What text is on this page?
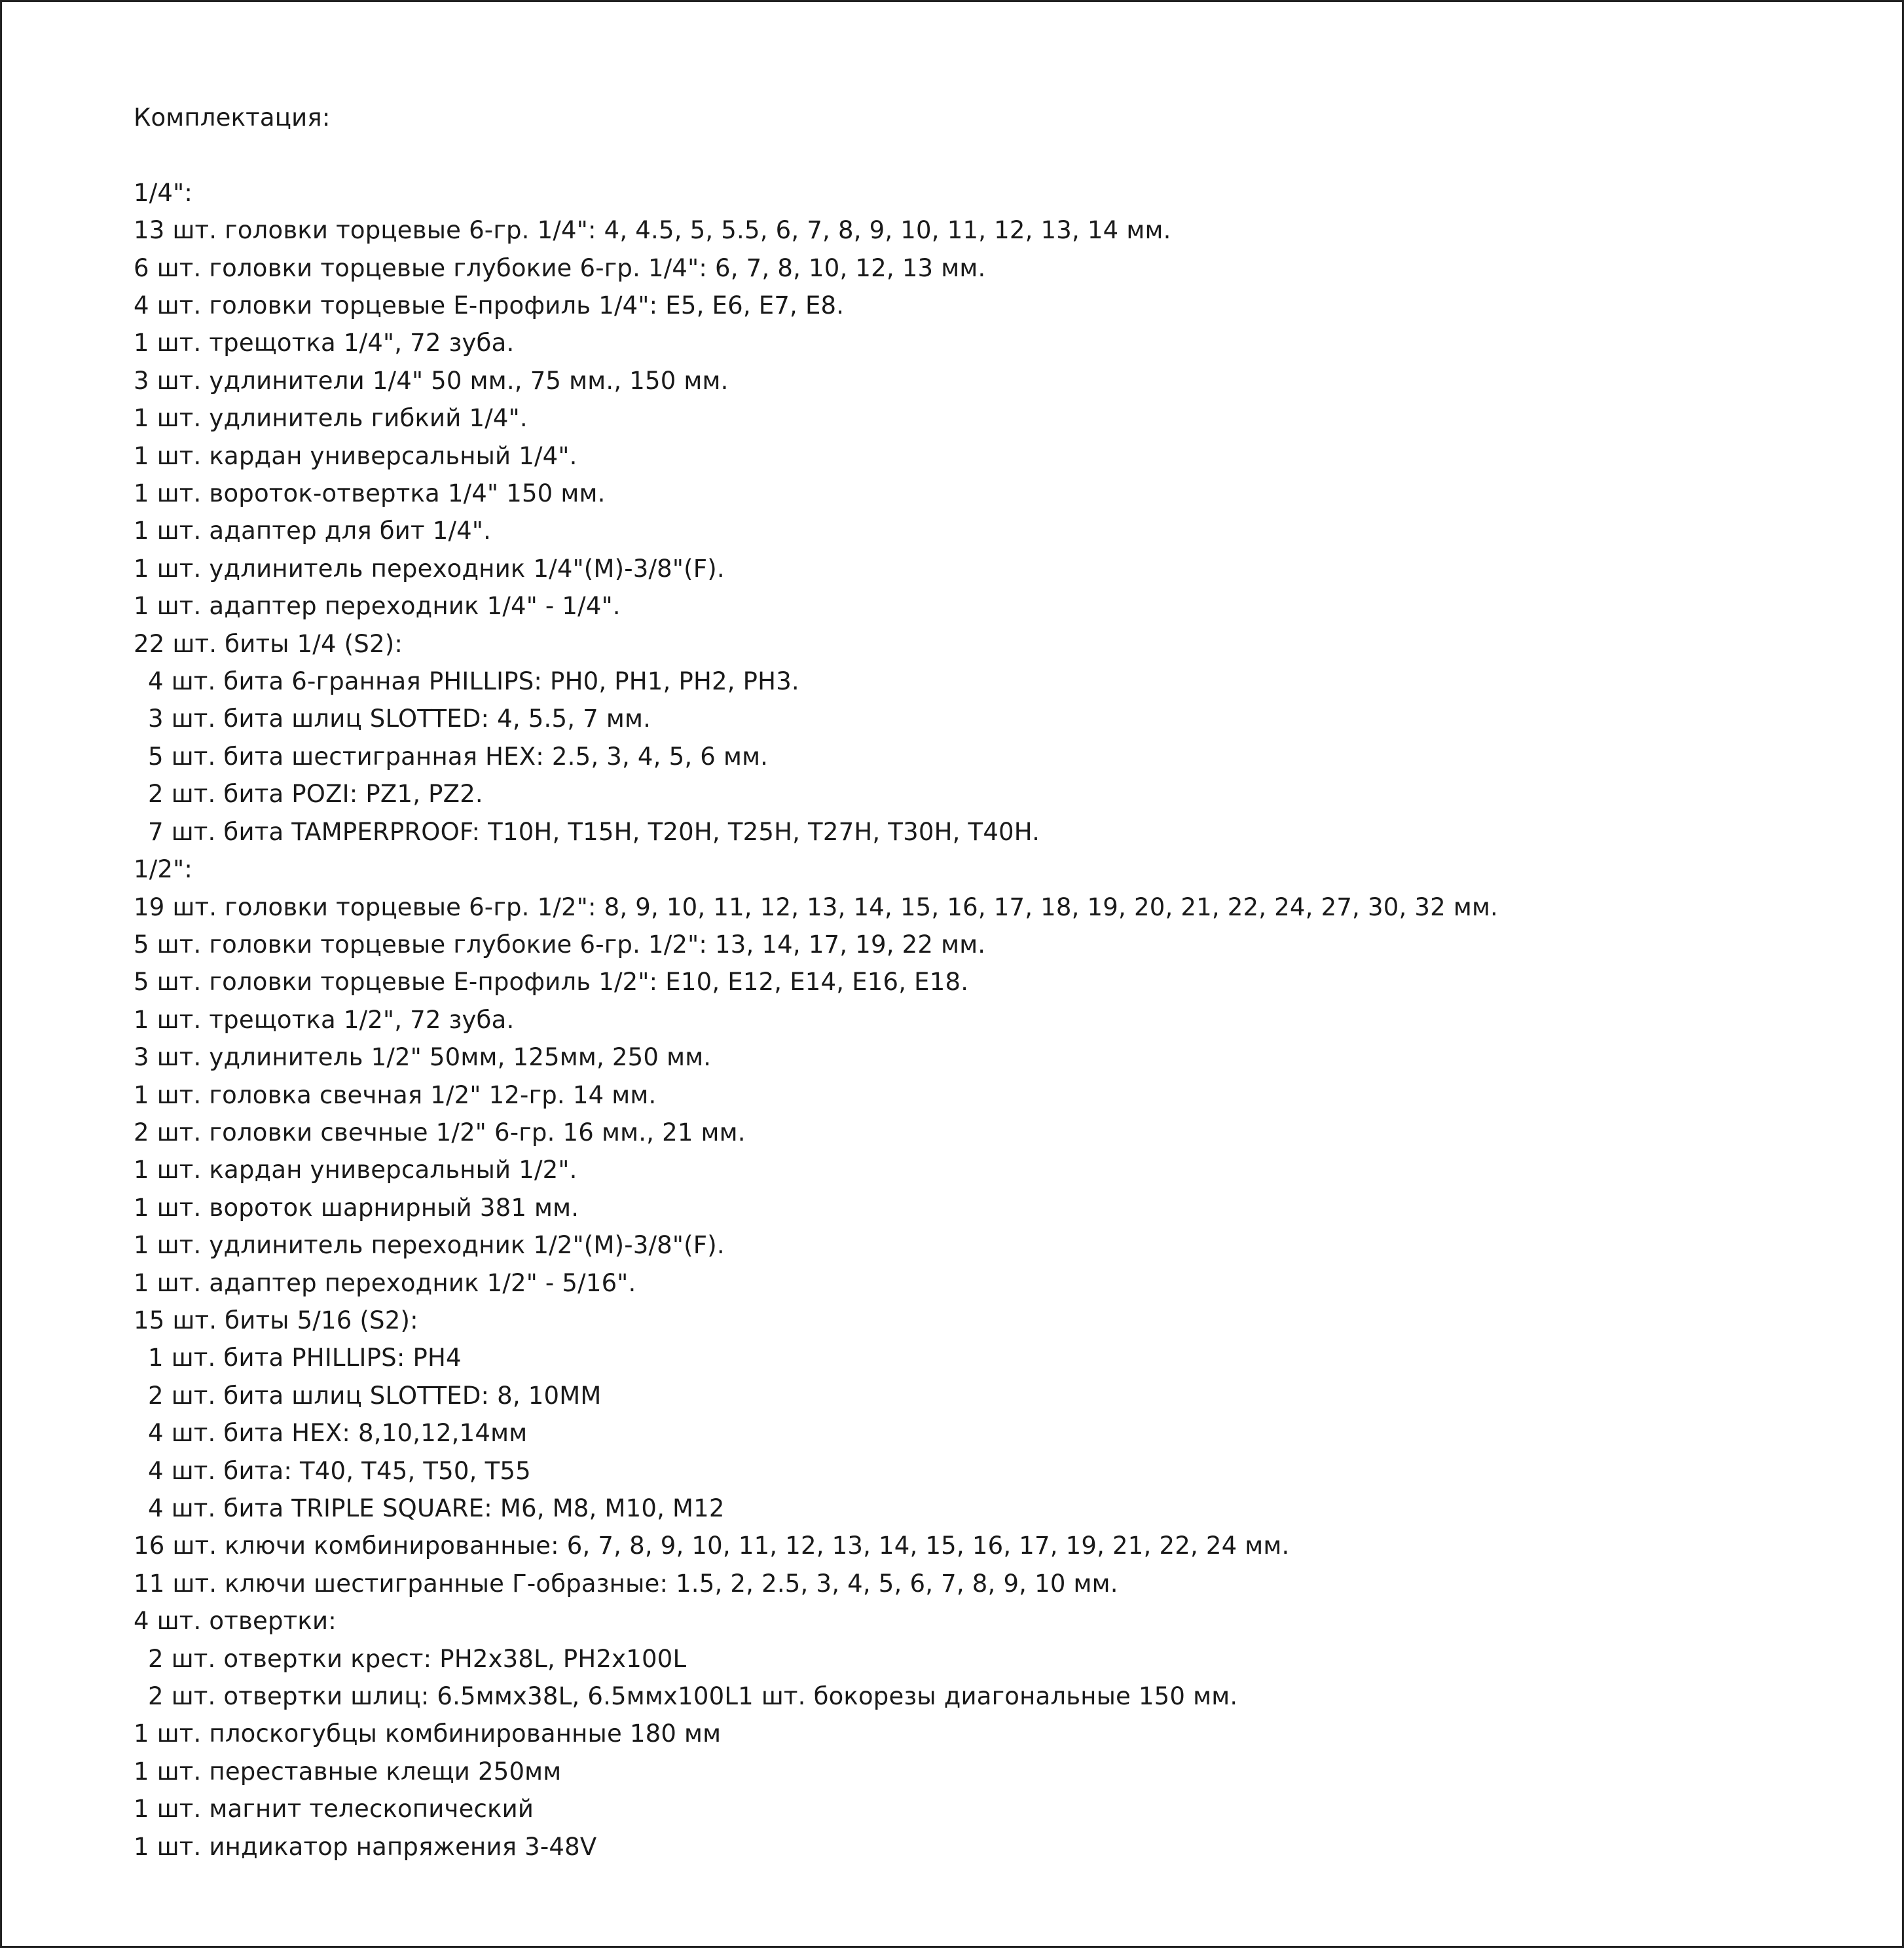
Комплектация:

1/4":

13 шт. головки торцевые 6-гр. 1/4": 4, 4.5, 5, 5.5, 6, 7, 8, 9, 10, 11, 12, 13, 14 мм.

6 шт. головки торцевые глубокие 6-гр. 1/4": 6, 7, 8, 10, 12, 13 мм.

4 шт. головки торцевые Е-профиль 1/4": Е5, Е6, Е7, Е8.

1 шт. трещотка 1/4", 72 зуба.

3 шт. удлинители 1/4" 50 мм., 75 мм., 150 мм.

1 шт. удлинитель гибкий 1/4".

1 шт. кардан универсальный 1/4".

1 шт. вороток-отвертка 1/4" 150 мм.

1 шт. адаптер для бит 1/4".

1 шт. удлинитель переходник 1/4"(M)-3/8"(F).

1 шт. адаптер переходник 1/4" - 1/4".

22 шт. биты 1/4 (S2):

4 шт. бита 6-гранная PHILLIPS: PH0, PH1, PH2, PH3.

3 шт. бита шлиц SLOTTED: 4, 5.5, 7 мм.

5 шт. бита шестигранная HEX: 2.5, 3, 4, 5, 6 мм.

2 шт. бита POZI: PZ1, PZ2.

7 шт. бита TAMPERPROOF: T10H, T15H, T20H, T25H, T27H, T30H, T40H.

1/2":

19 шт. головки торцевые 6-гр. 1/2": 8, 9, 10, 11, 12, 13, 14, 15, 16, 17, 18, 19, 20, 21, 22, 24, 27, 30, 32 мм.

5 шт. головки торцевые глубокие 6-гр. 1/2": 13, 14, 17, 19, 22 мм.

5 шт. головки торцевые Е-профиль 1/2": E10, E12, E14, E16, E18.

1 шт. трещотка 1/2", 72 зуба.

3 шт. удлинитель 1/2" 50мм, 125мм, 250 мм.

1 шт. головка свечная 1/2" 12-гр. 14 мм.

2 шт. головки свечные 1/2" 6-гр. 16 мм., 21 мм.

1 шт. кардан универсальный 1/2".

1 шт. вороток шарнирный 381 мм.

1 шт. удлинитель переходник 1/2"(M)-3/8"(F).

1 шт. адаптер переходник 1/2" - 5/16".

15 шт. биты 5/16 (S2):

1 шт. бита PHILLIPS: PH4

2 шт. бита шлиц SLOTTED: 8, 10MM

4 шт. бита HEX: 8,10,12,14мм

4 шт. бита: T40, T45, T50, T55

4 шт. бита TRIPLE SQUARE: M6, M8, M10, M12

16 шт. ключи комбинированные: 6, 7, 8, 9, 10, 11, 12, 13, 14, 15, 16, 17, 19, 21, 22, 24 мм.

11 шт. ключи шестигранные Г-образные: 1.5, 2, 2.5, 3, 4, 5, 6, 7, 8, 9, 10 мм.

4 шт. отвертки:

2 шт. отвертки крест: PH2x38L, PH2x100L

2 шт. отвертки шлиц: 6.5ммx38L, 6.5ммx100L1 шт. бокорезы диагональные 150 мм.

1 шт. плоскогубцы комбинированные 180 мм

1 шт. переставные клещи 250мм

1 шт. магнит телескопический

1 шт. индикатор напряжения 3-48V
